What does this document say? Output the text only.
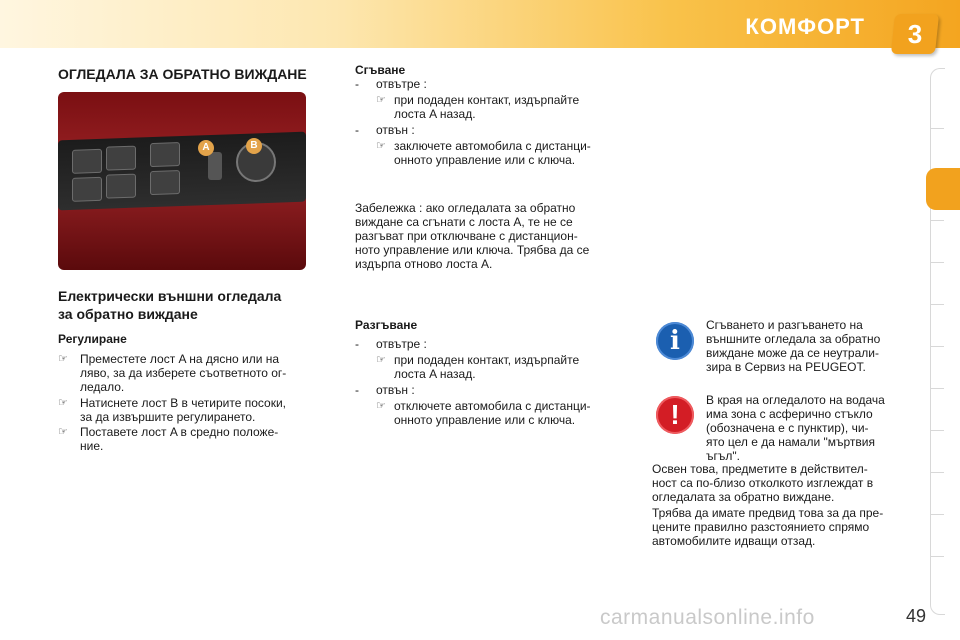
КОМФОРТ	3
ОГЛЕДАЛА ЗА ОБРАТНО ВИЖДАНЕ
A	B
Електрически външни огледала
за обратно виждане
Регулиране
☞ Преместете лост A на дясно или на
ляво, за да изберете съответното ог-
ледало.
☞ Натиснете лост B в четирите посоки,
за да извършите регулирането.
☞ Поставете лост A в средно положе-
ние.
Сгъване
- отвътре :
☞ при подаден контакт, издърпайте
лоста A назад.
- отвън :
☞ заключете автомобила с дистанци-
онното управление или с ключа.
Забележка : ако огледалата за обратно
виждане са сгънати с лоста A, те не се
разгъват при отключване с дистанцион-
ното управление или ключа. Трябва да се
издърпа отново лоста A.
Разгъване
- отвътре :
☞ при подаден контакт, издърпайте
лоста A назад.
- отвън :
☞ отключете автомобила с дистанци-
онното управление или с ключа.
i
Сгъването и разгъването на
външните огледала за обратно
виждане може да се неутрали-
зира в Сервиз на PEUGEOT.
!	В края на огледалото на водача
има зона с асферично стъкло
(обозначена е с пунктир), чи-
ято цел е да намали "мъртвия
ъгъл".
Освен това, предметите в действител-
ност са по-близо отколкото изглеждат в
огледалата за обратно виждане.
Трябва да имате предвид това за да пре-
цените правилно разстоянието спрямо
автомобилите идващи отзад.
carmanualsonline.info	49
